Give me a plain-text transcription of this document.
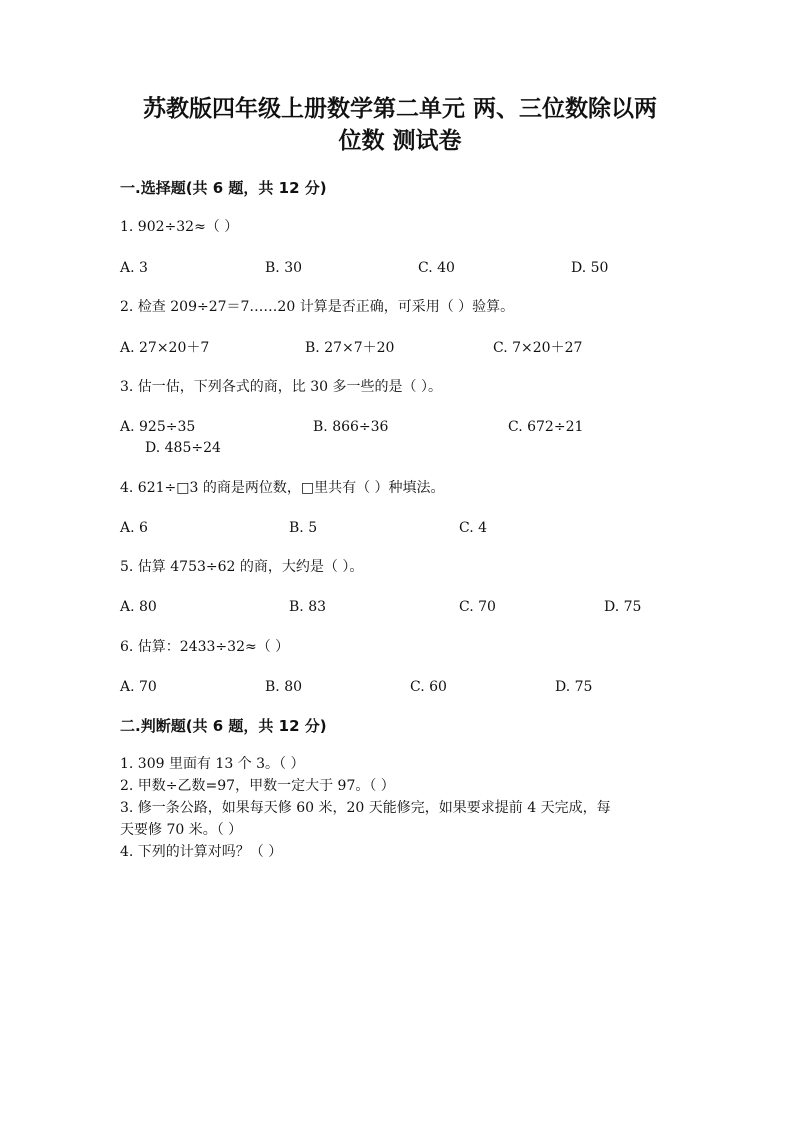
苏教版四年级上册数学第二单元 两、三位数除以两
位数 测试卷

一.选择题(共 6 题，共 12 分)

1. 902÷32≈（ ）

A. 3	B. 30	C. 40	D. 50

2. 检查 209÷27＝7……20 计算是否正确，可采用（ ）验算。

A. 27×20＋7	B. 27×7＋20	C. 7×20＋27

3. 估一估，下列各式的商，比 30 多一些的是（ ）。

A. 925÷35	B. 866÷36	C. 672÷21

D. 485÷24

4. 621÷□3 的商是两位数，□里共有（ ）种填法。

A. 6	B. 5	C. 4

5. 估算 4753÷62 的商，大约是（ ）。

A. 80	B. 83	C. 70	D. 75

6. 估算：2433÷32≈（ ）

A. 70	B. 80	C. 60	D. 75

二.判断题(共 6 题，共 12 分)

1. 309 里面有 13 个 3。（ ）

2. 甲数÷乙数=97，甲数一定大于 97。（ ）

3. 修一条公路，如果每天修 60 米，20 天能修完，如果要求提前 4 天完成，每

天要修 70 米。（ ）

4. 下列的计算对吗？（ ）
